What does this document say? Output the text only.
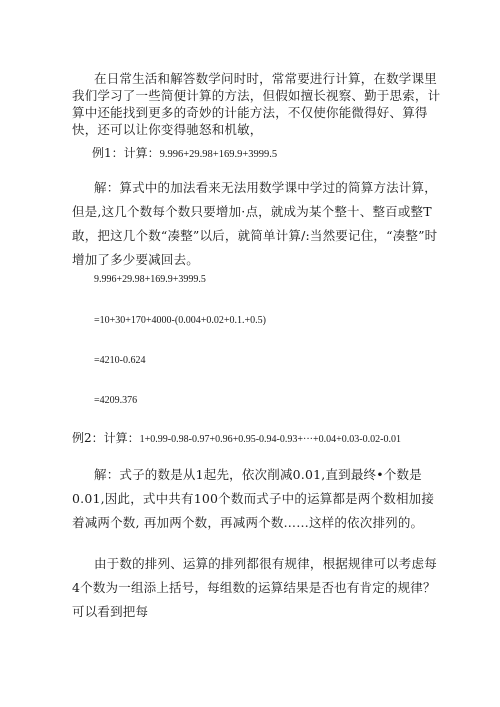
在日常生活和解答数学问时时，常常要进行计算，在数学课里我们学习了一些简便计算的方法，但假如擅长视察、勤于思索，计算中还能找到更多的奇妙的计能方法，不仅使你能微得好、算得快，还可以让你变得驰怒和机敏，

例1：计算：9.996+29.98+169.9+3999.5

解：算式中的加法看来无法用数学课中学过的简算方法计算，但是,这几个数每个数只要增加·点，就成为某个整十、整百或整T敢，把这几个数“凑整”以后，就简单计算/:当然要记住，“凑整”时增加了多少要减回去。

9.996+29.98+169.9+3999.5

=10+30+170+4000-(0.004+0.02+0.1.+0.5)

=4210-0.624

=4209.376

例2：计算：1+0.99-0.98-0.97+0.96+0.95-0.94-0.93+···+0.04+0.03-0.02-0.01

解：式子的数是从1起先，依次削减0.01,直到最终•个数是0.01,因此，式中共有100个数而式子中的运算都是两个数相加接着减两个数, 再加两个数，再减两个数……这样的依次排列的。

由于数的排列、运算的排列都很有规律，根据规律可以考虑每4个数为一组添上括号，每组数的运算结果是否也有肯定的规律？可以看到把每
